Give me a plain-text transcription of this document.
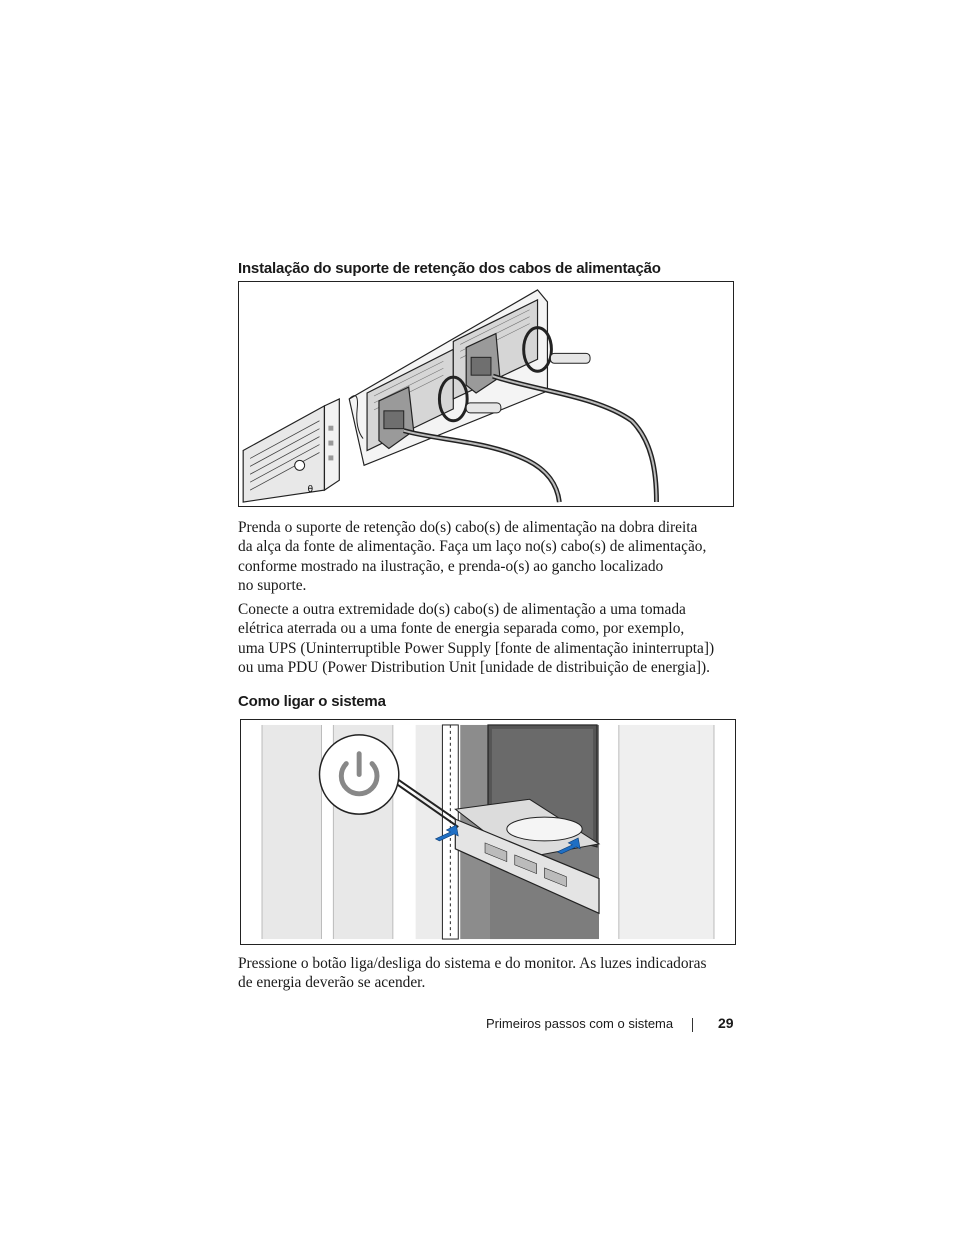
Instalação do suporte de retenção dos cabos de alimentação
θ

Prenda o suporte de retenção do(s) cabo(s) de alimentação na dobra direita
da alça da fonte de alimentação. Faça um laço no(s) cabo(s) de alimentação,
conforme mostrado na ilustração, e prenda-o(s) ao gancho localizado
no suporte.

Conecte a outra extremidade do(s) cabo(s) de alimentação a uma tomada
elétrica aterrada ou a uma fonte de energia separada como, por exemplo,
uma UPS (Uninterruptible Power Supply [fonte de alimentação ininterrupta])
ou uma PDU (Power Distribution Unit [unidade de distribuição de energia]).

Como ligar o sistema

Pressione o botão liga/desliga do sistema e do monitor. As luzes indicadoras
de energia deverão se acender.

Primeiros passos com o sistema	29
